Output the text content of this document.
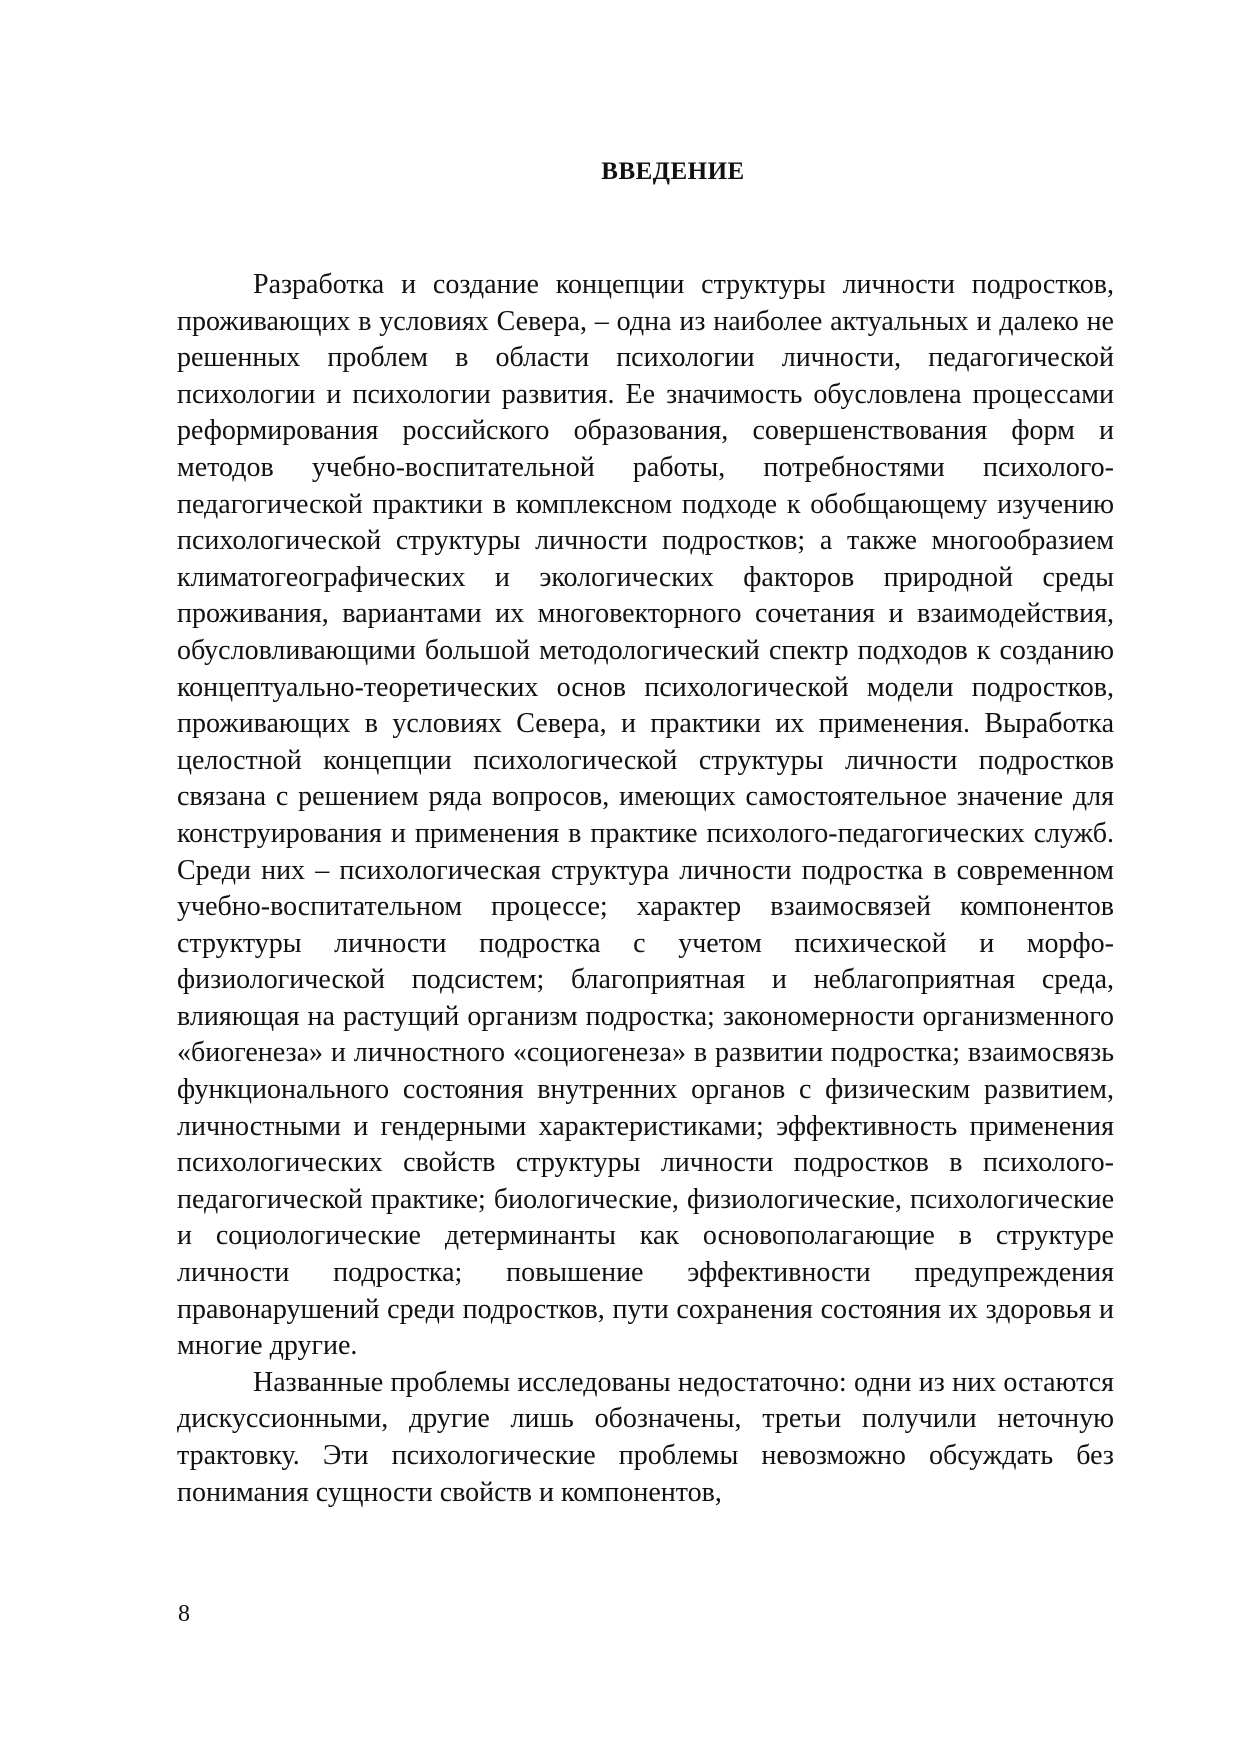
ВВЕДЕНИЕ

Разработка и создание концепции структуры личности подростков, проживающих в условиях Севера, – одна из наиболее актуальных и далеко не решенных проблем в области психологии личности, педагогической психологии и психологии развития. Ее значимость обусловлена процессами реформирования российского образования, совершенствования форм и методов учебно-воспитательной работы, потребностями психолого-педагогической практики в комплексном подходе к обобщающему изучению психологической структуры личности подростков; а также многообразием климатогеографических и экологических факторов природной среды проживания, вариантами их многовекторного сочетания и взаимодействия, обусловливающими большой методологический спектр подходов к созданию концептуально-теоретических основ психологической модели подростков, проживающих в условиях Севера, и практики их применения. Выработка целостной концепции психологической структуры личности подростков связана с решением ряда вопросов, имеющих самостоятельное значение для конструирования и применения в практике психолого-педагогических служб. Среди них – психологическая структура личности подростка в современном учебно-воспитательном процессе; характер взаимосвязей компонентов структуры личности подростка с учетом психической и морфо-физиологической подсистем; благоприятная и неблагоприятная среда, влияющая на растущий организм подростка; закономерности организменного «биогенеза» и личностного «социогенеза» в развитии подростка; взаимосвязь функционального состояния внутренних органов с физическим развитием, личностными и гендерными характеристиками; эффективность применения психологических свойств структуры личности подростков в психолого-педагогической практике; биологические, физиологические, психологические и социологические детерминанты как основополагающие в структуре личности подростка; повышение эффективности предупреждения правонарушений среди подростков, пути сохранения состояния их здоровья и многие другие.

Названные проблемы исследованы недостаточно: одни из них остаются дискуссионными, другие лишь обозначены, третьи получили неточную трактовку. Эти психологические проблемы невозможно обсуждать без понимания сущности свойств и компонентов,

8
